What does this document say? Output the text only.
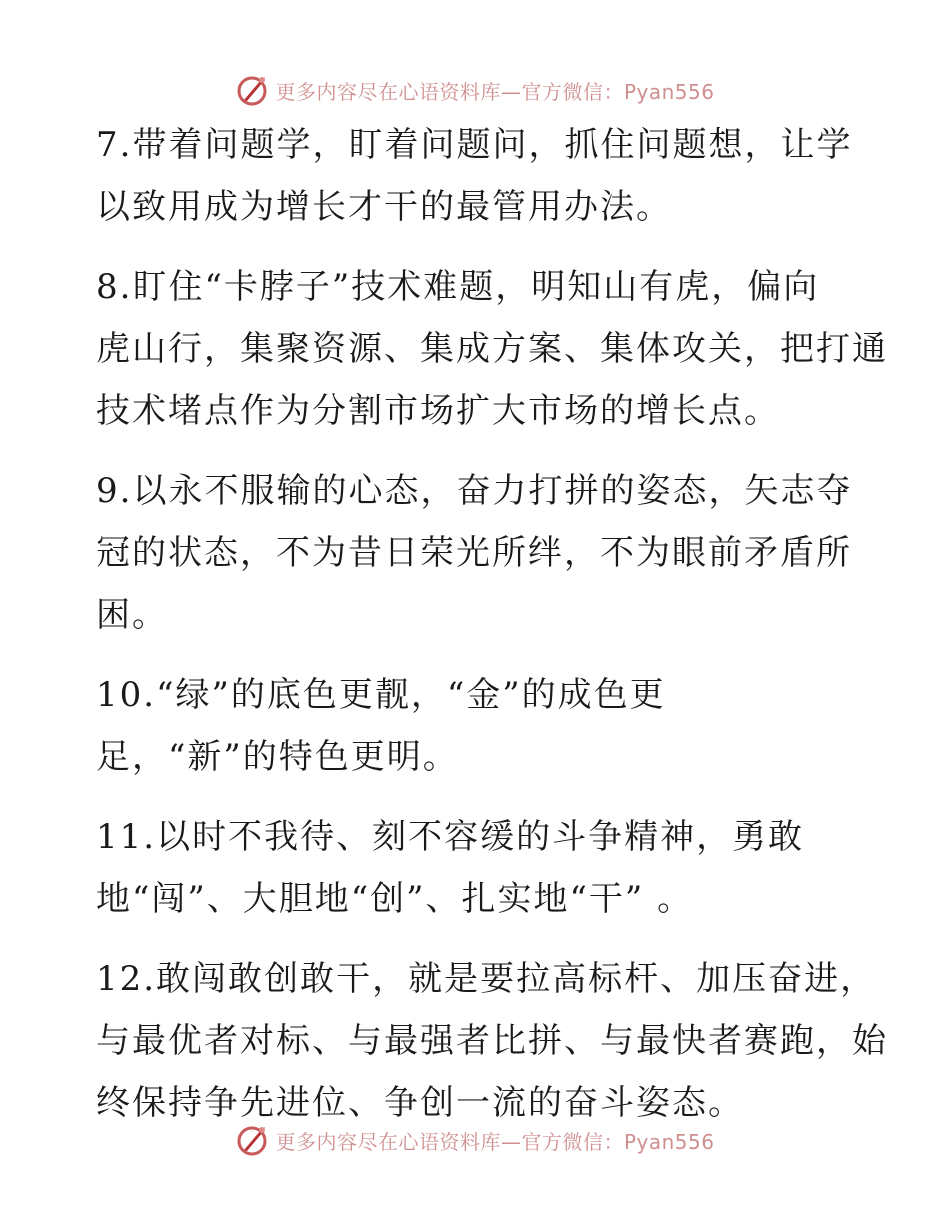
更多内容尽在心语资料库—官方微信：Pyan556

7.带着问题学，盯着问题问，抓住问题想，让学
以致用成为增长才干的最管用办法。

8.盯住“卡脖子”技术难题，明知山有虎，偏向
虎山行，集聚资源、集成方案、集体攻关，把打通
技术堵点作为分割市场扩大市场的增长点。

9.以永不服输的心态，奋力打拼的姿态，矢志夺
冠的状态，不为昔日荣光所绊，不为眼前矛盾所
困。

10.“绿”的底色更靓，“金”的成色更
足，“新”的特色更明。

11.以时不我待、刻不容缓的斗争精神，勇敢
地“闯”、大胆地“创”、扎实地“干” 。

12.敢闯敢创敢干，就是要拉高标杆、加压奋进，
与最优者对标、与最强者比拼、与最快者赛跑，始
终保持争先进位、争创一流的奋斗姿态。

更多内容尽在心语资料库—官方微信：Pyan556
